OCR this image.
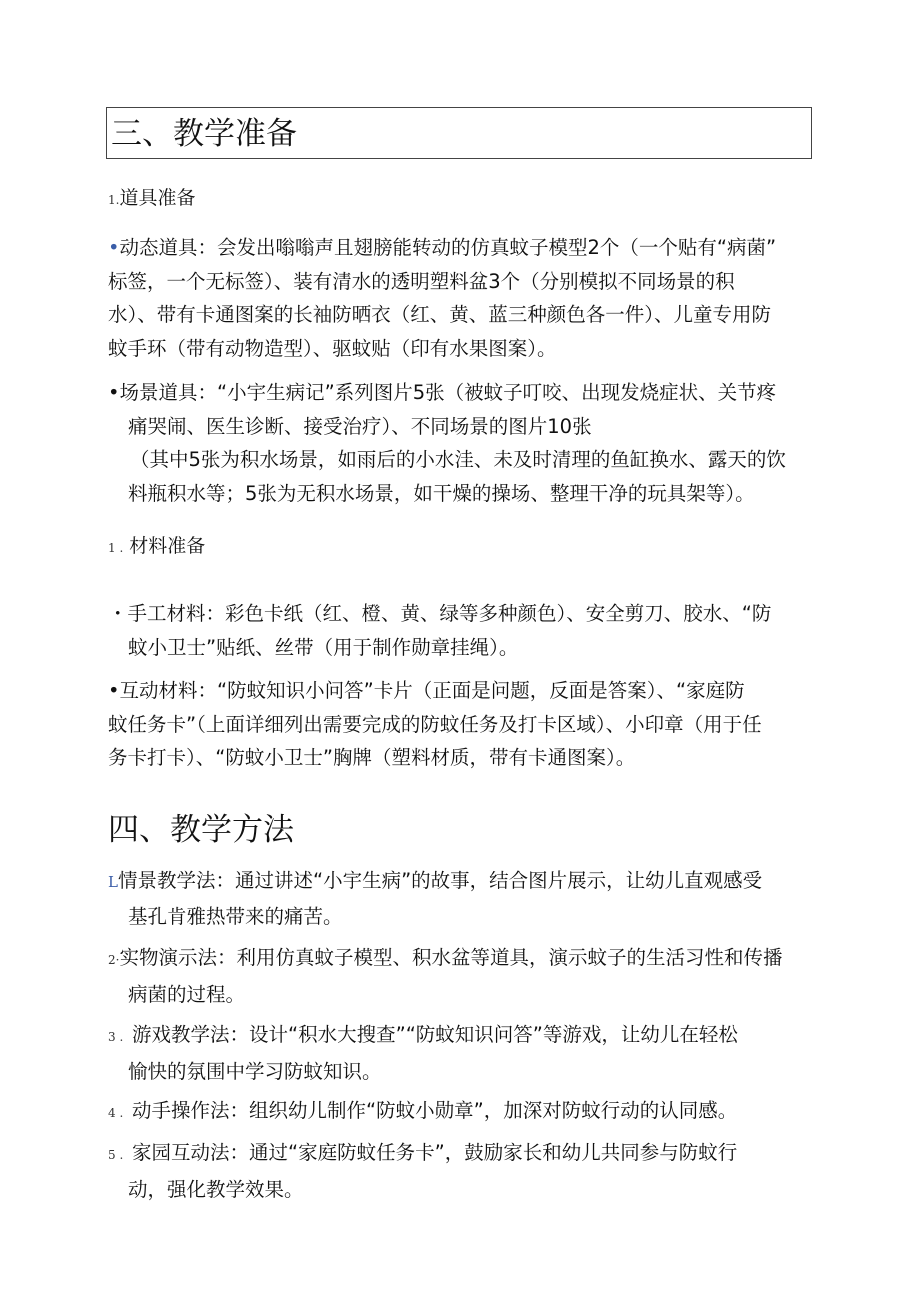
三、教学准备
1.道具准备

•动态道具：会发出嗡嗡声且翅膀能转动的仿真蚊子模型2个（一个贴有“病菌”

标签，一个无标签）、装有清水的透明塑料盆3个（分别模拟不同场景的积

水）、带有卡通图案的长袖防晒衣（红、黄、蓝三种颜色各一件）、儿童专用防

蚊手环（带有动物造型）、驱蚊贴（印有水果图案）。

•场景道具：“小宇生病记”系列图片5张（被蚊子叮咬、出现发烧症状、关节疼

痛哭闹、医生诊断、接受治疗）、不同场景的图片10张

（其中5张为积水场景，如雨后的小水洼、未及时清理的鱼缸换水、露天的饮

料瓶积水等；5张为无积水场景，如干燥的操场、整理干净的玩具架等）。

1 . 材料准备

・手工材料：彩色卡纸（红、橙、黄、绿等多种颜色）、安全剪刀、胶水、“防

蚊小卫士”贴纸、丝带（用于制作勋章挂绳）。

•互动材料：“防蚊知识小问答”卡片（正面是问题，反面是答案）、“家庭防

蚊任务卡”（上面详细列出需要完成的防蚊任务及打卡区域）、小印章（用于任

务卡打卡）、“防蚊小卫士”胸牌（塑料材质，带有卡通图案）。

四、教学方法

L情景教学法：通过讲述“小宇生病”的故事，结合图片展示，让幼儿直观感受

基孔肯雅热带来的痛苦。

2·实物演示法：利用仿真蚊子模型、积水盆等道具，演示蚊子的生活习性和传播

病菌的过程。

3 . 游戏教学法：设计“积水大搜查”“防蚊知识问答”等游戏，让幼儿在轻松

愉快的氛围中学习防蚊知识。

4 . 动手操作法：组织幼儿制作“防蚊小勋章”，加深对防蚊行动的认同感。

5 . 家园互动法：通过“家庭防蚊任务卡”，鼓励家长和幼儿共同参与防蚊行

动，强化教学效果。
